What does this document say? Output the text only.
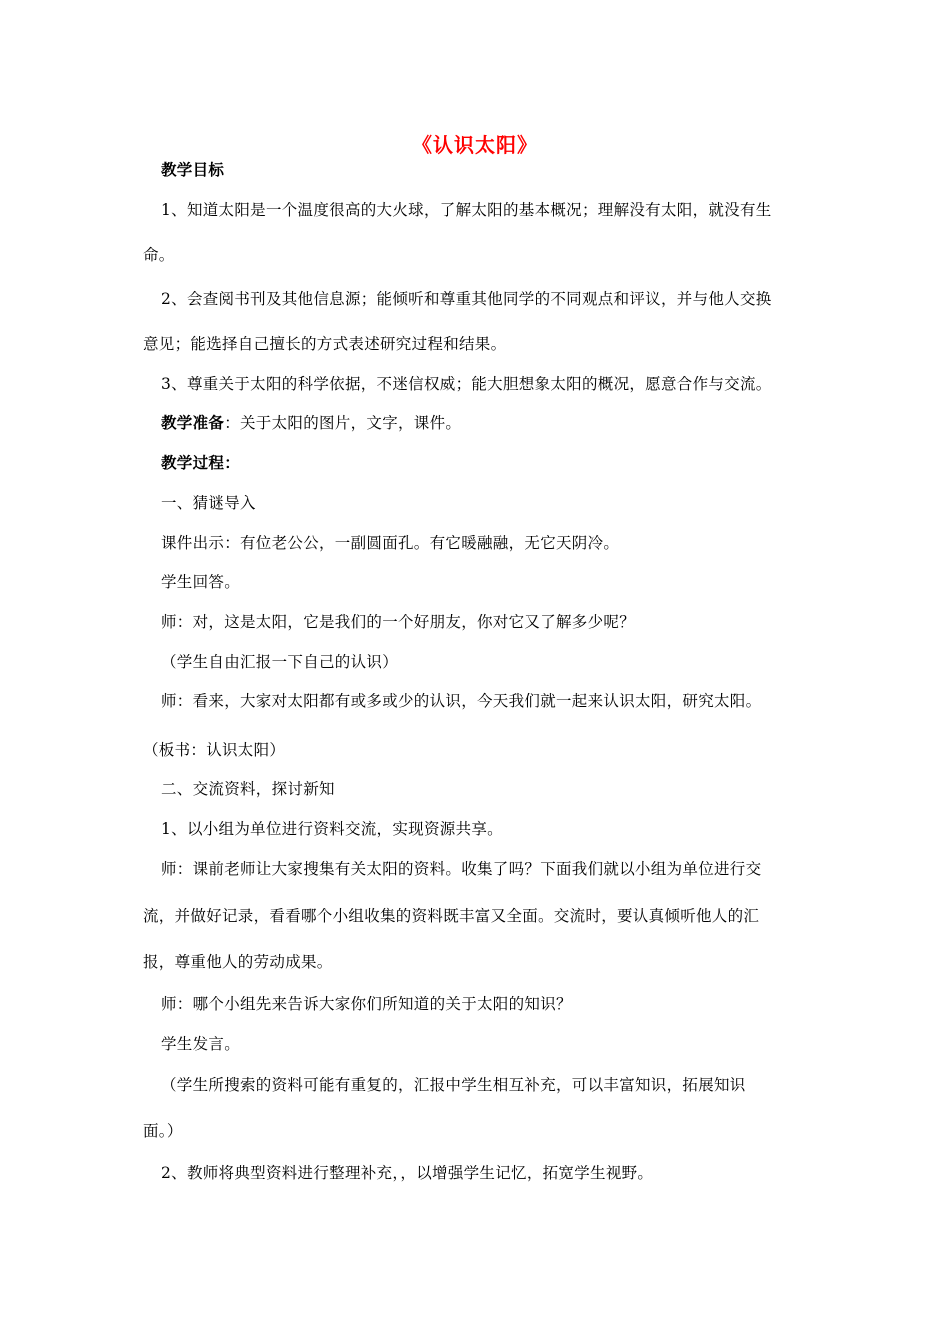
《认识太阳》
教学目标
1、知道太阳是一个温度很高的大火球，了解太阳的基本概况；理解没有太阳，就没有生
命。
2、会查阅书刊及其他信息源；能倾听和尊重其他同学的不同观点和评议，并与他人交换
意见；能选择自己擅长的方式表述研究过程和结果。
3、尊重关于太阳的科学依据，不迷信权威；能大胆想象太阳的概况，愿意合作与交流。
教学准备：关于太阳的图片，文字，课件。
教学过程：
一、猜谜导入
课件出示：有位老公公，一副圆面孔。有它暖融融，无它天阴冷。
学生回答。
师：对，这是太阳，它是我们的一个好朋友，你对它又了解多少呢？
（学生自由汇报一下自己的认识）
师：看来，大家对太阳都有或多或少的认识，今天我们就一起来认识太阳，研究太阳。
（板书：认识太阳）
二、交流资料，探讨新知
1、以小组为单位进行资料交流，实现资源共享。
师：课前老师让大家搜集有关太阳的资料。收集了吗？下面我们就以小组为单位进行交
流，并做好记录，看看哪个小组收集的资料既丰富又全面。交流时，要认真倾听他人的汇
报，尊重他人的劳动成果。
师：哪个小组先来告诉大家你们所知道的关于太阳的知识？
学生发言。
（学生所搜索的资料可能有重复的，汇报中学生相互补充，可以丰富知识，拓展知识
面。）
2、教师将典型资料进行整理补充，，以增强学生记忆，拓宽学生视野。
